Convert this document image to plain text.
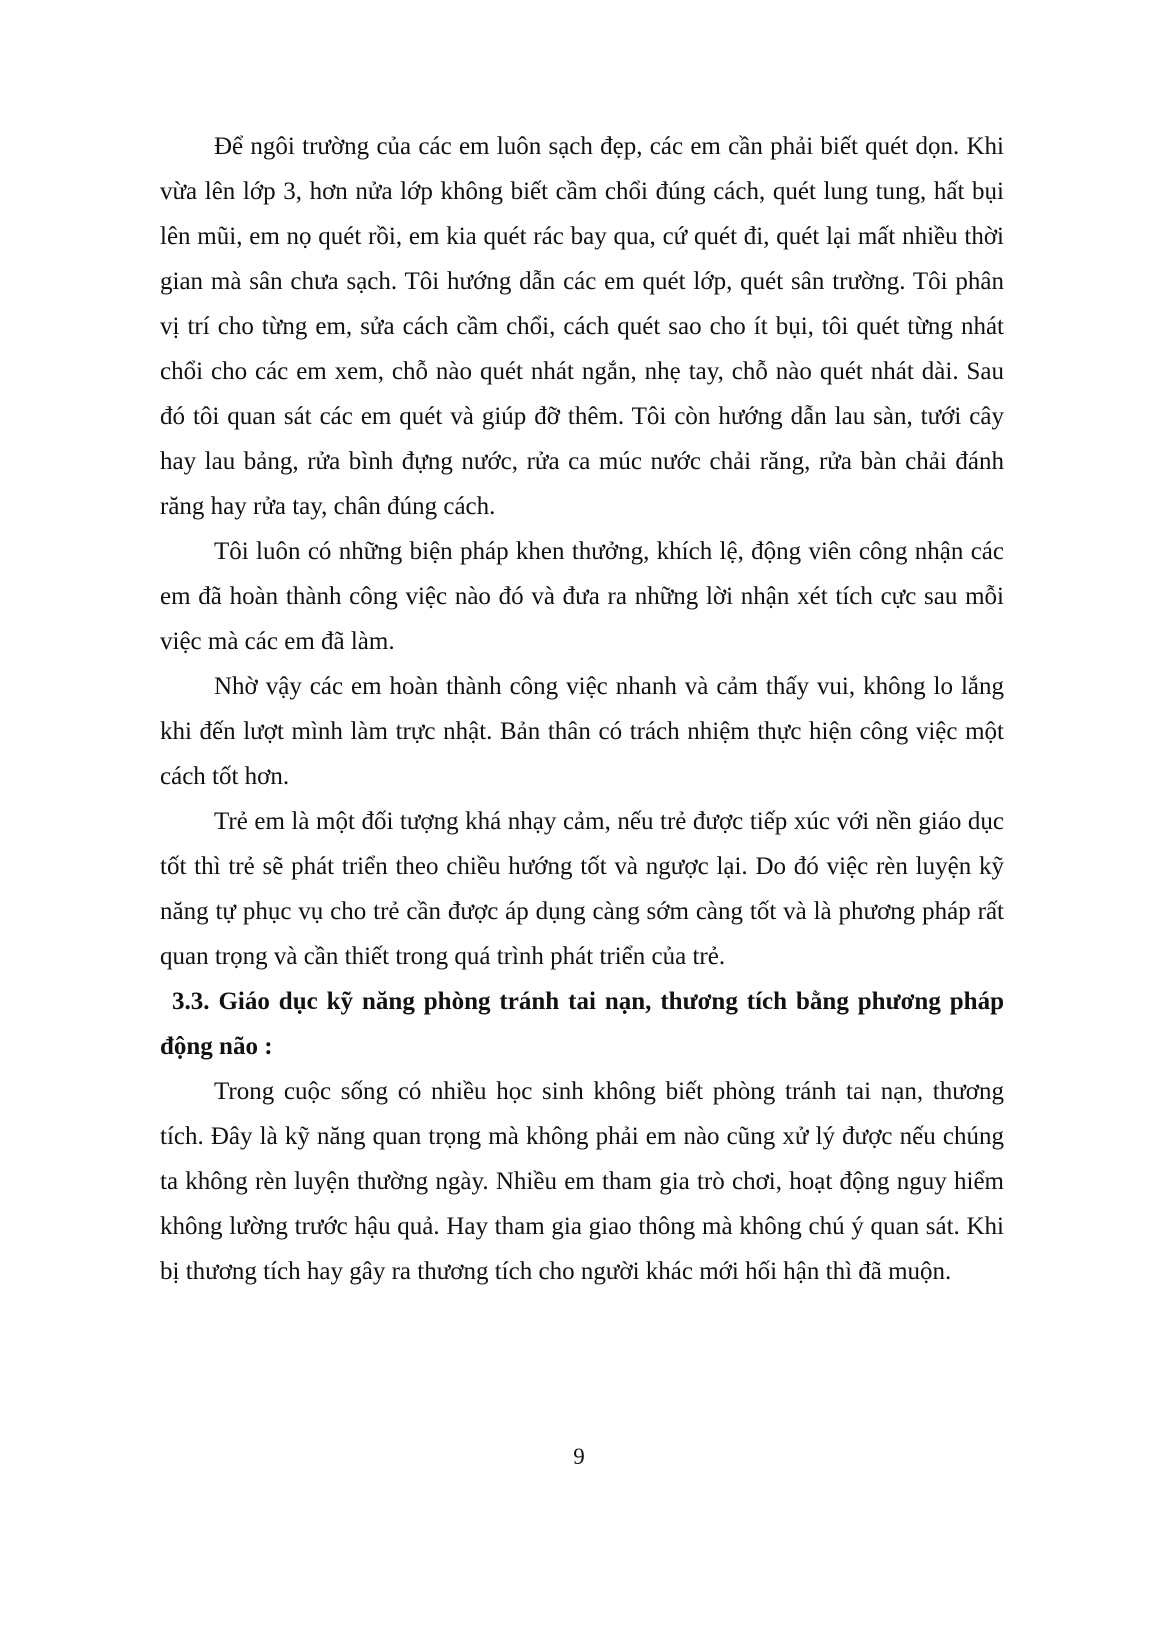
Để ngôi trường của các em luôn sạch đẹp, các em cần phải biết quét dọn. Khi vừa lên lớp 3, hơn nửa lớp không biết cầm chổi đúng cách, quét lung tung, hất bụi lên mũi, em nọ quét rồi, em kia quét rác bay qua, cứ quét đi, quét lại mất nhiều thời gian mà sân chưa sạch. Tôi hướng dẫn các em quét lớp, quét sân trường. Tôi phân vị trí cho từng em, sửa cách cầm chổi, cách quét sao cho ít bụi, tôi quét từng nhát chổi cho các em xem, chỗ nào quét nhát ngắn, nhẹ tay, chỗ nào quét nhát dài. Sau đó tôi quan sát các em quét và giúp đỡ thêm. Tôi còn hướng dẫn lau sàn, tưới cây hay lau bảng, rửa bình đựng nước, rửa ca múc nước chải răng, rửa bàn chải đánh răng hay rửa tay, chân đúng cách.

Tôi luôn có những biện pháp khen thưởng, khích lệ, động viên công nhận các em đã hoàn thành công việc nào đó và đưa ra những lời nhận xét tích cực sau mỗi việc mà các em đã làm.

Nhờ vậy các em hoàn thành công việc nhanh và cảm thấy vui, không lo lắng khi đến lượt mình làm trực nhật. Bản thân có trách nhiệm thực hiện công việc một cách tốt hơn.

Trẻ em là một đối tượng khá nhạy cảm, nếu trẻ được tiếp xúc với nền giáo dục tốt thì trẻ sẽ phát triển theo chiều hướng tốt và ngược lại. Do đó việc rèn luyện kỹ năng tự phục vụ cho trẻ cần được áp dụng càng sớm càng tốt và là phương pháp rất quan trọng và cần thiết trong quá trình phát triển của trẻ.

3.3. Giáo dục kỹ năng phòng tránh tai nạn, thương tích bằng phương pháp động não :

Trong cuộc sống có nhiều học sinh không biết phòng tránh tai nạn, thương tích. Đây là kỹ năng quan trọng mà không phải em nào cũng xử lý được nếu chúng ta không rèn luyện thường ngày. Nhiều em tham gia trò chơi, hoạt động nguy hiểm không lường trước hậu quả. Hay tham gia giao thông mà không chú ý quan sát. Khi bị thương tích hay gây ra thương tích cho người khác mới hối hận thì đã muộn.

9
